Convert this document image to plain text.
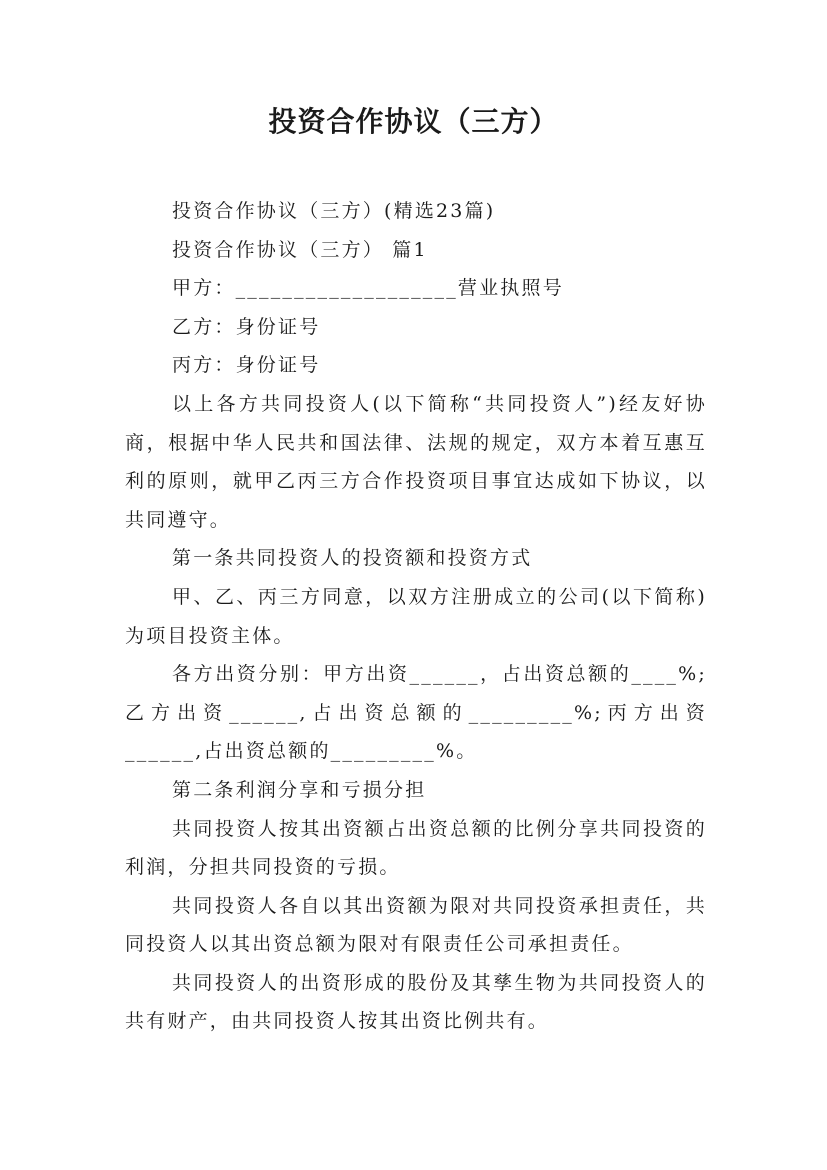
投资合作协议（三方）

投资合作协议（三方）(精选23篇)

投资合作协议（三方） 篇1

甲方：___________________营业执照号

乙方：身份证号

丙方：身份证号

以上各方共同投资人(以下简称“共同投资人”)经友好协商，根据中华人民共和国法律、法规的规定，双方本着互惠互利的原则，就甲乙丙三方合作投资项目事宜达成如下协议，以共同遵守。

第一条共同投资人的投资额和投资方式

甲、乙、丙三方同意，以双方注册成立的公司(以下简称)为项目投资主体。

各方出资分别：甲方出资______，占出资总额的____%;乙方出资______,占出资总额的_________%;丙方出资______,占出资总额的_________%。

第二条利润分享和亏损分担

共同投资人按其出资额占出资总额的比例分享共同投资的利润，分担共同投资的亏损。

共同投资人各自以其出资额为限对共同投资承担责任，共同投资人以其出资总额为限对有限责任公司承担责任。

共同投资人的出资形成的股份及其孳生物为共同投资人的共有财产，由共同投资人按其出资比例共有。
